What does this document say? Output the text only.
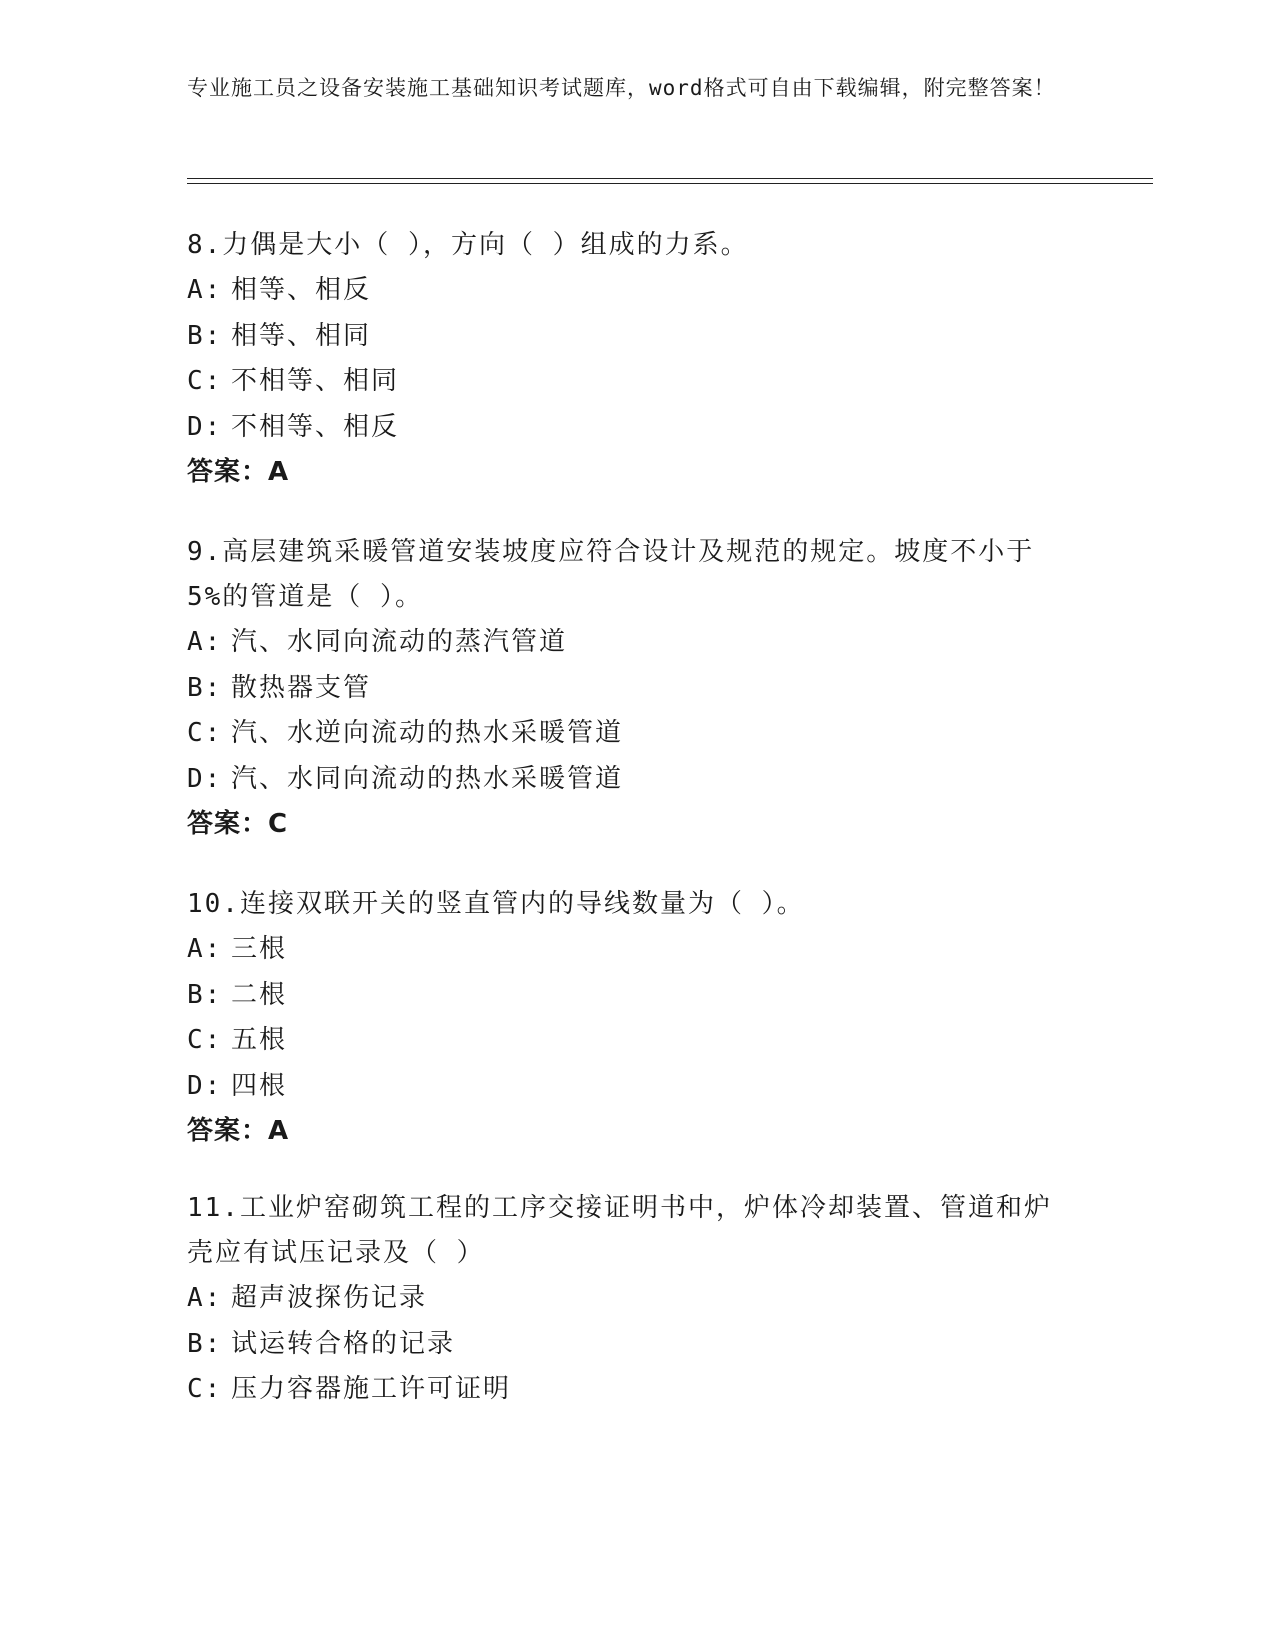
专业施工员之设备安装施工基础知识考试题库，word格式可自由下载编辑，附完整答案！

8.力偶是大小（ ），方向（ ）组成的力系。

A: 相等、相反

B: 相等、相同

C: 不相等、相同

D: 不相等、相反

答案：A

9.高层建筑采暖管道安装坡度应符合设计及规范的规定。坡度不小于5%的管道是（ ）。

A: 汽、水同向流动的蒸汽管道

B: 散热器支管

C: 汽、水逆向流动的热水采暖管道

D: 汽、水同向流动的热水采暖管道

答案：C

10.连接双联开关的竖直管内的导线数量为（ ）。

A: 三根

B: 二根

C: 五根

D: 四根

答案：A

11.工业炉窑砌筑工程的工序交接证明书中，炉体冷却装置、管道和炉壳应有试压记录及（ ）

A: 超声波探伤记录

B: 试运转合格的记录

C: 压力容器施工许可证明
